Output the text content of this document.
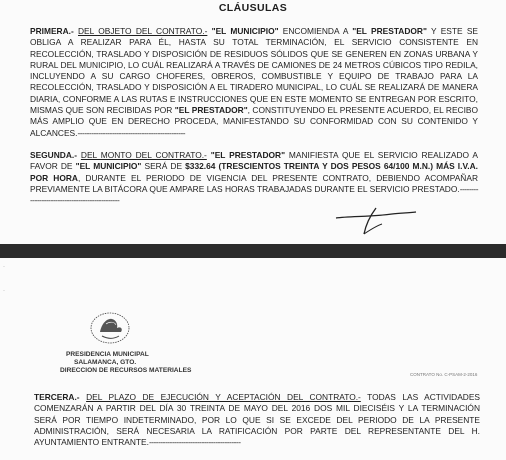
CLÁUSULAS
PRIMERA.- DEL OBJETO DEL CONTRATO.- "EL MUNICIPIO" ENCOMIENDA A "EL PRESTADOR" Y ESTE SE OBLIGA A REALIZAR PARA ÉL, HASTA SU TOTAL TERMINACIÓN, EL SERVICIO CONSISTENTE EN RECOLECCIÓN, TRASLADO Y DISPOSICIÓN DE RESIDUOS SÓLIDOS QUE SE GENEREN EN ZONAS URBANA Y RURAL DEL MUNICIPIO, LO CUÁL REALIZARÁ A TRAVÉS DE CAMIONES DE 24 METROS CÚBICOS TIPO REDILA, INCLUYENDO A SU CARGO CHOFERES, OBREROS, COMBUSTIBLE Y EQUIPO DE TRABAJO PARA LA RECOLECCIÓN, TRASLADO Y DISPOSICIÓN A EL TIRADERO MUNICIPAL, LO CUÁL SE REALIZARÁ DE MANERA DIARIA, CONFORME A LAS RUTAS E INSTRUCCIONES QUE EN ESTE MOMENTO SE ENTREGAN POR ESCRITO, MISMAS QUE SON RECIBIDAS POR "EL PRESTADOR", CONSTITUYENDO EL PRESENTE ACUERDO, EL RECIBO MÁS AMPLIO QUE EN DERECHO PROCEDA, MANIFESTANDO SU CONFORMIDAD CON SU CONTENIDO Y ALCANCES.-----------------------------------------------
SEGUNDA.- DEL MONTO DEL CONTRATO.- "EL PRESTADOR" MANIFIESTA QUE EL SERVICIO REALIZADO A FAVOR DE "EL MUNICIPIO" SERÁ DE $332.64 (TRESCIENTOS TREINTA Y DOS PESOS 64/100 M.N.) MÁS I.V.A. POR HORA, DURANTE EL PERIODO DE VIGENCIA DEL PRESENTE CONTRATO, DEBIENDO ACOMPAÑAR PREVIAMENTE LA BITÁCORA QUE AMPARE LAS HORAS TRABAJADAS DURANTE EL SERVICIO PRESTADO.-----------------------------------------------
·
·
PRESIDENCIA MUNICIPAL
SALAMANCA, GTO.
DIRECCION DE RECURSOS MATERIALES
CONTRATO No. C-PSAM-2-2016
TERCERA.- DEL PLAZO DE EJECUCIÓN Y ACEPTACIÓN DEL CONTRATO.- TODAS LAS ACTIVIDADES COMENZARÁN A PARTIR DEL DÍA 30 TREINTA DE MAYO DEL 2016 DOS MIL DIECISÉIS Y LA TERMINACIÓN SERÁ POR TIEMPO INDETERMINADO, POR LO QUE SI SE EXCEDE DEL PERIODO DE LA PRESENTE ADMINISTRACIÓN, SERÁ NECESARIA LA RATIFICACIÓN POR PARTE DEL REPRESENTANTE DEL H. AYUNTAMIENTO ENTRANTE.----------------------------------------
